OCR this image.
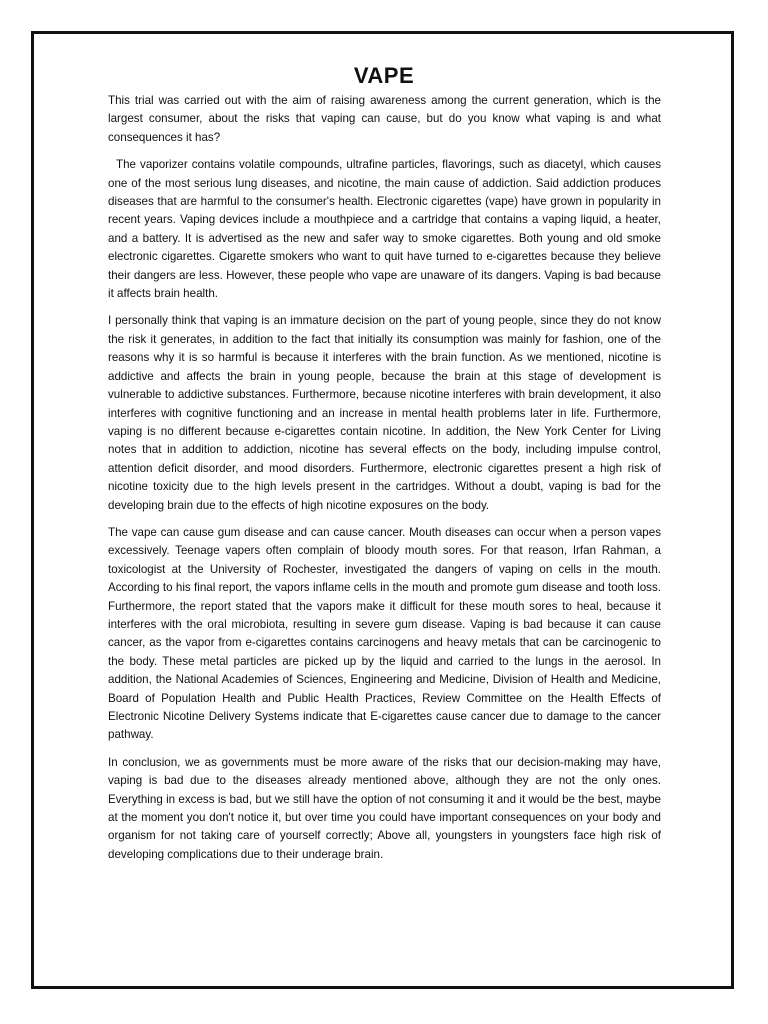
VAPE

This trial was carried out with the aim of raising awareness among the current generation, which is the largest consumer, about the risks that vaping can cause, but do you know what vaping is and what consequences it has?

The vaporizer contains volatile compounds, ultrafine particles, flavorings, such as diacetyl, which causes one of the most serious lung diseases, and nicotine, the main cause of addiction. Said addiction produces diseases that are harmful to the consumer's health. Electronic cigarettes (vape) have grown in popularity in recent years. Vaping devices include a mouthpiece and a cartridge that contains a vaping liquid, a heater, and a battery. It is advertised as the new and safer way to smoke cigarettes. Both young and old smoke electronic cigarettes. Cigarette smokers who want to quit have turned to e-cigarettes because they believe their dangers are less. However, these people who vape are unaware of its dangers. Vaping is bad because it affects brain health.

I personally think that vaping is an immature decision on the part of young people, since they do not know the risk it generates, in addition to the fact that initially its consumption was mainly for fashion, one of the reasons why it is so harmful is because it interferes with the brain function. As we mentioned, nicotine is addictive and affects the brain in young people, because the brain at this stage of development is vulnerable to addictive substances. Furthermore, because nicotine interferes with brain development, it also interferes with cognitive functioning and an increase in mental health problems later in life. Furthermore, vaping is no different because e-cigarettes contain nicotine. In addition, the New York Center for Living notes that in addition to addiction, nicotine has several effects on the body, including impulse control, attention deficit disorder, and mood disorders. Furthermore, electronic cigarettes present a high risk of nicotine toxicity due to the high levels present in the cartridges. Without a doubt, vaping is bad for the developing brain due to the effects of high nicotine exposures on the body.

The vape can cause gum disease and can cause cancer. Mouth diseases can occur when a person vapes excessively. Teenage vapers often complain of bloody mouth sores. For that reason, Irfan Rahman, a toxicologist at the University of Rochester, investigated the dangers of vaping on cells in the mouth. According to his final report, the vapors inflame cells in the mouth and promote gum disease and tooth loss. Furthermore, the report stated that the vapors make it difficult for these mouth sores to heal, because it interferes with the oral microbiota, resulting in severe gum disease. Vaping is bad because it can cause cancer, as the vapor from e-cigarettes contains carcinogens and heavy metals that can be carcinogenic to the body. These metal particles are picked up by the liquid and carried to the lungs in the aerosol. In addition, the National Academies of Sciences, Engineering and Medicine, Division of Health and Medicine, Board of Population Health and Public Health Practices, Review Committee on the Health Effects of Electronic Nicotine Delivery Systems indicate that E-cigarettes cause cancer due to damage to the cancer pathway.

In conclusion, we as governments must be more aware of the risks that our decision-making may have, vaping is bad due to the diseases already mentioned above, although they are not the only ones. Everything in excess is bad, but we still have the option of not consuming it and it would be the best, maybe at the moment you don't notice it, but over time you could have important consequences on your body and organism for not taking care of yourself correctly; Above all, youngsters in youngsters face high risk of developing complications due to their underage brain.
